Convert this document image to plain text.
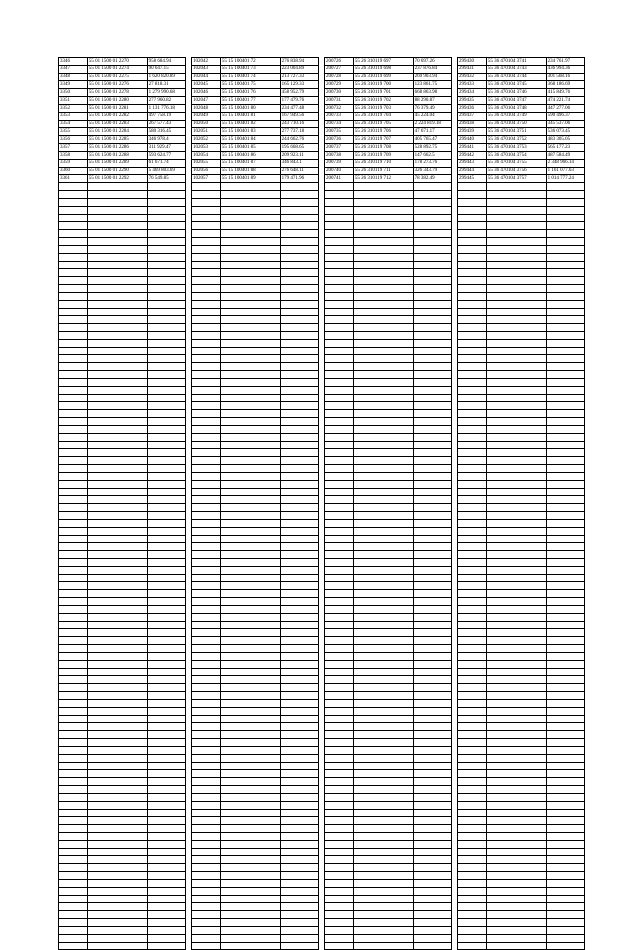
3346	55 01 1500 01 2270	958 684.94
3347	55 01 1500 01 2274	90 647.15
3348	55 01 1500 01 2275	1 620 820.89
3349	55 01 1500 01 2276	27 818.31
3350	55 01 1500 01 2278	1 279 990.68
3351	55 01 1500 01 2280	277 960.82
3352	55 01 1500 01 2281	1 131 776.18
3353	55 01 1500 01 2282	497 758.19
3354	55 01 1500 01 2283	267 577.43
3355	55 01 1500 01 2284	580 316.45
3356	55 01 1500 01 2285	346 978.4
3357	55 01 1500 01 2286	311 929.47
3358	55 01 1500 01 2288	593 624.77
3359	55 01 1500 01 2289	61 671.74
3360	55 01 1500 01 2290	5 469 803.69
3361	55 01 1500 01 2292	76 549.85

102042	55 15 100401 72	276 838.94
102043	55 15 100401 73	223 004.89
102044	55 15 100401 74	213 727.33
102045	55 15 100401 75	165 129.33
102046	55 15 100401 76	458 952.79
102047	55 15 100401 77	177 479.76
102048	55 15 100401 80	234 477.48
102049	55 15 100401 81	167 949.56
102050	55 15 100401 82	243 710.16
102051	55 15 100401 83	277 737.18
102052	55 15 100401 84	244 662.76
102053	55 15 100401 85	195 668.65
102054	55 15 100401 86	209 923.11
102055	55 15 100401 87	346 843.1
102056	55 15 100401 88	276 648.11
102057	55 15 100401 89	179 471.96

200726	55 26 310119 697	70 697.26
200727	55 26 310119 698	237 876.84
200728	55 26 310119 699	269 903.94
200729	55 26 310119 700	123 861.75
200730	55 26 310119 701	668 863.98
200731	55 26 310119 702	88 290.87
200732	55 26 310119 703	76 379.49
200733	55 26 310119 704	45 224.04
200734	55 26 310119 705	2 224 819.18
200735	55 26 310119 706	47 671.17
200736	55 26 310119 707	405 765.47
200737	55 26 310119 708	528 892.75
200738	55 26 310119 709	147 662.5
200739	55 26 310119 710	178 273.76
200740	55 26 310119 711	326 343.79
200741	55 26 310119 712	78 382.49

299430	55 36 470104 3741	234 761.97
299431	55 36 470104 3743	436 994.36
299432	55 36 470104 3744	301 568.16
299433	55 36 470104 3745	368 186.69
299434	55 36 470104 3746	415 849.76
299435	55 36 470104 3747	474 221.74
299436	55 36 470104 3748	447 277.06
299437	55 36 470104 3749	590 496.37
299438	55 36 470104 3750	345 537.06
299439	55 36 470104 3751	536 073.45
299440	55 36 470104 3752	483 305.05
299441	55 36 470104 3753	565 177.23
299442	55 36 470104 3754	487 584.49
299443	55 36 470104 3755	2 348 966.14
299444	55 36 470104 3756	1 161 077.63
299445	55 36 470104 3757	1 014 777.24
